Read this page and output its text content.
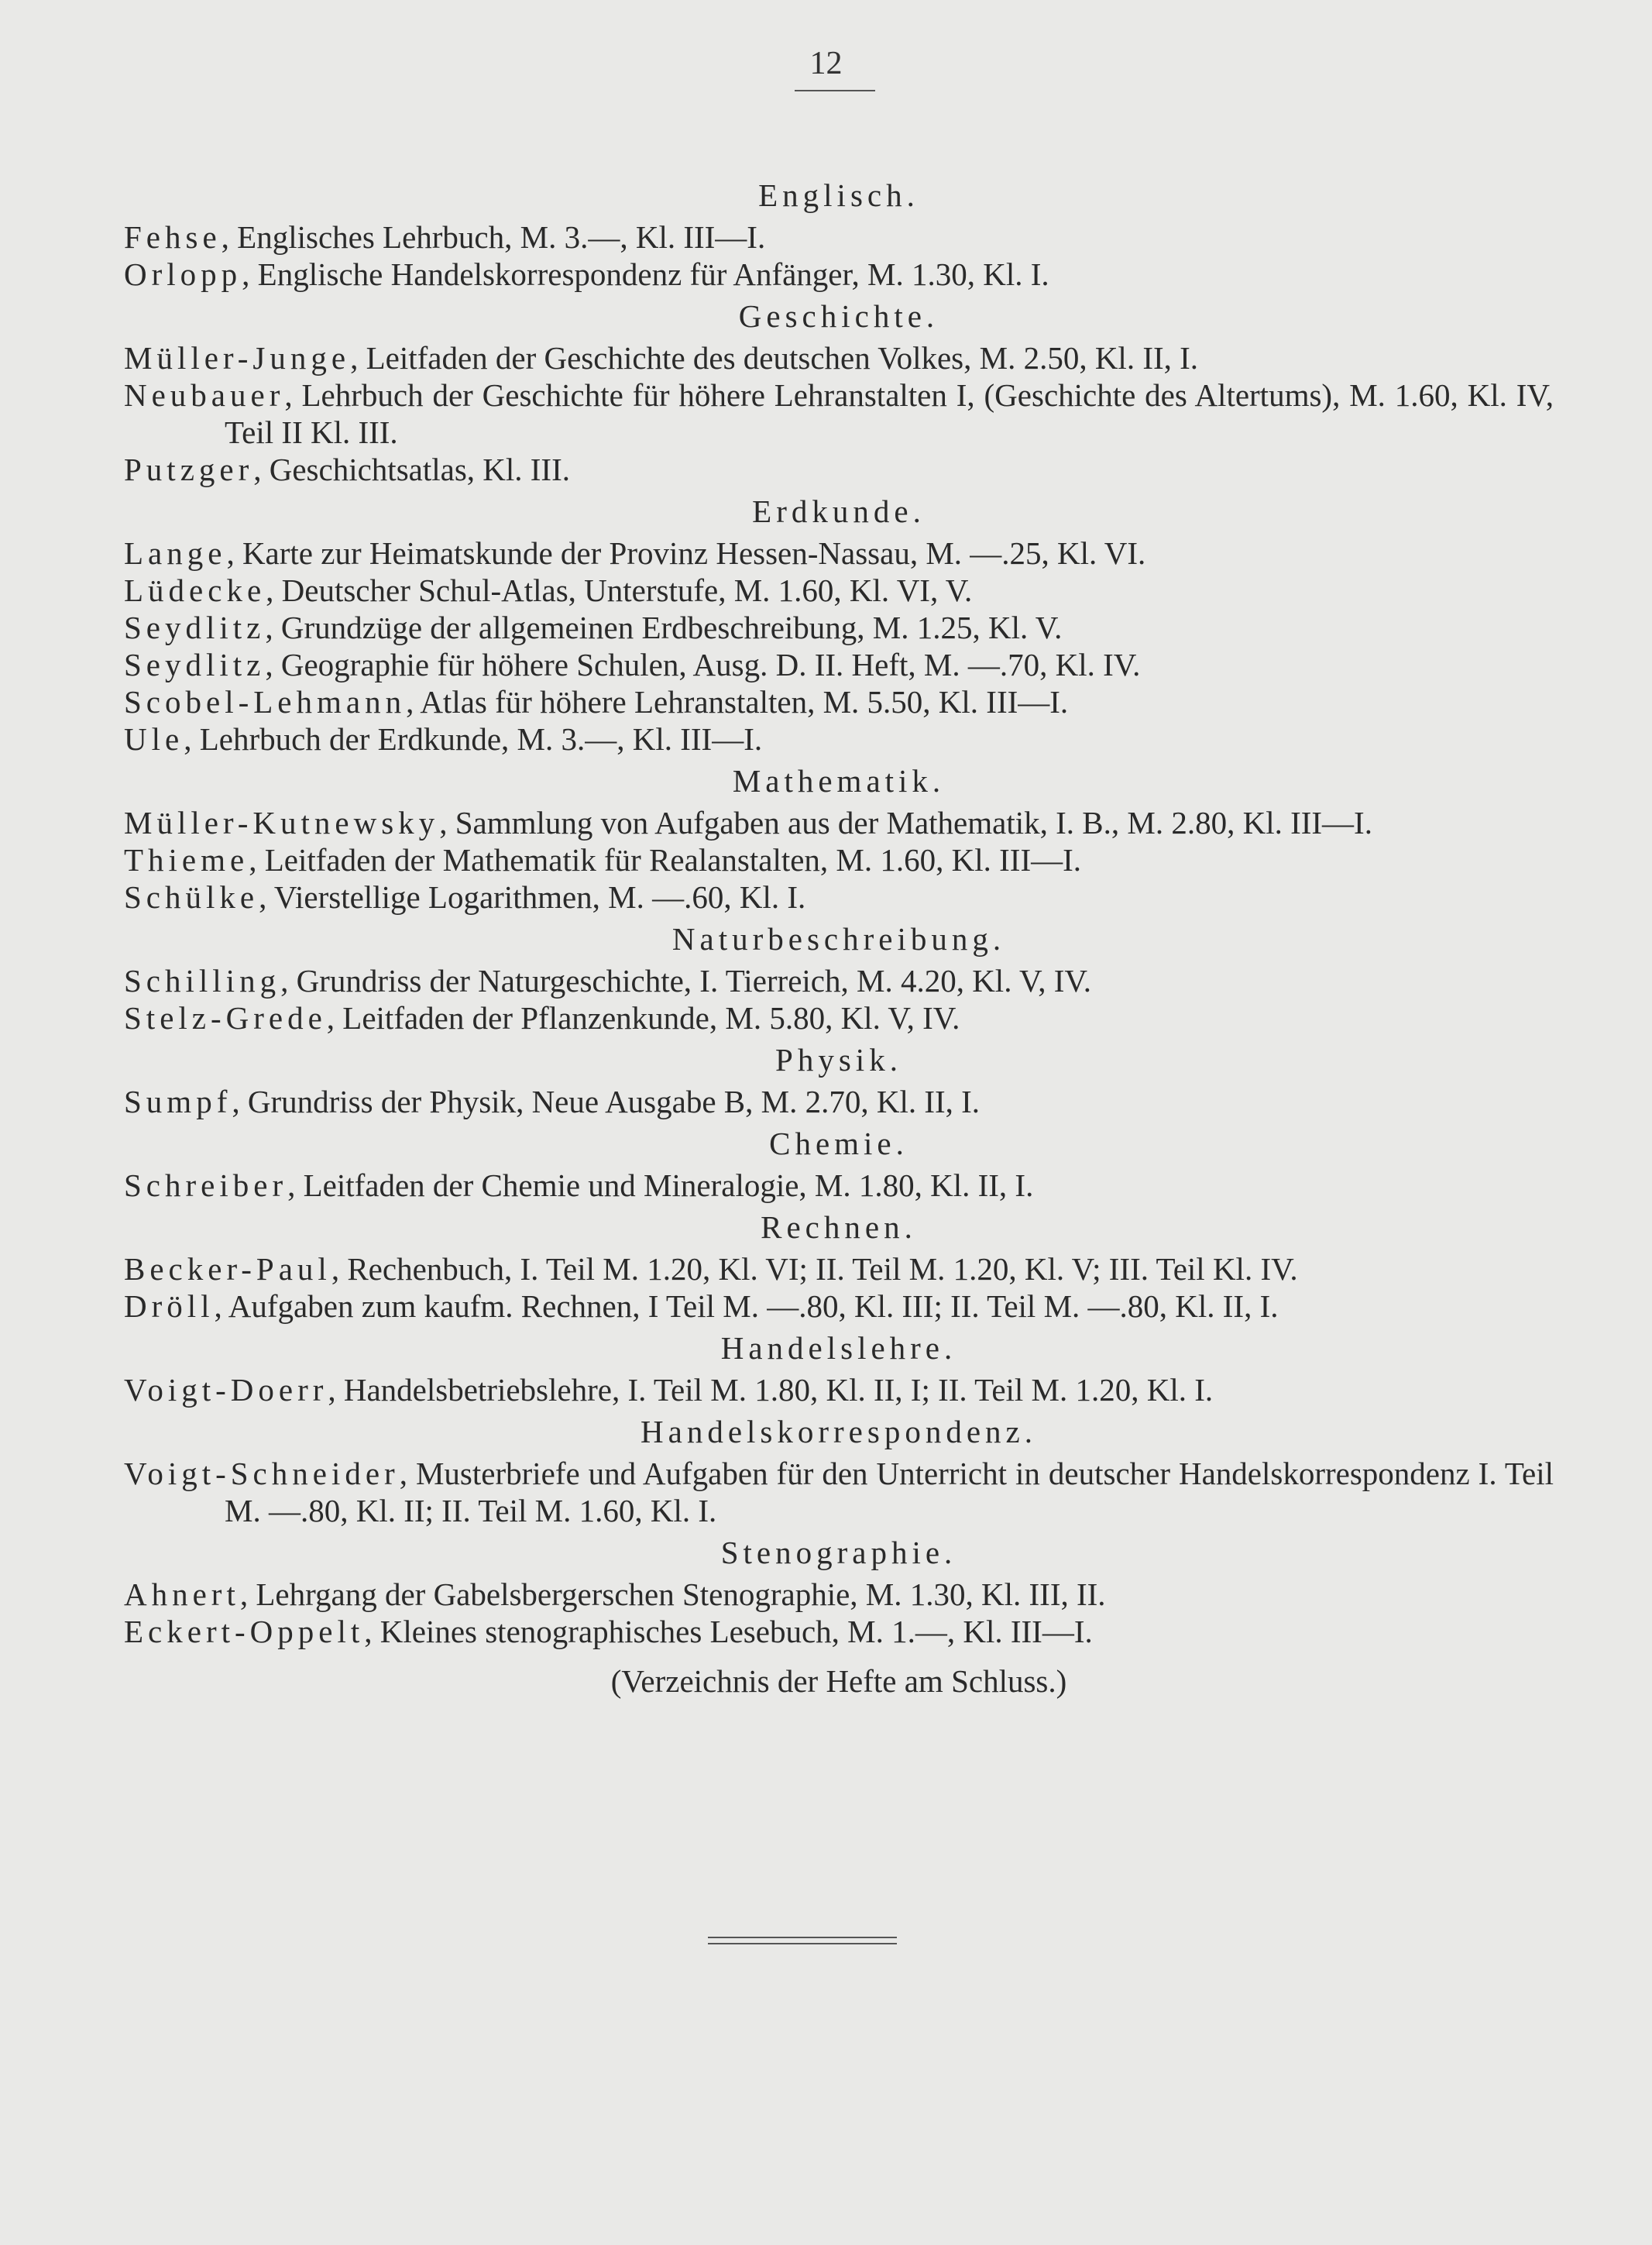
12
Englisch.
Fehse, Englisches Lehrbuch, M. 3.—, Kl. III—I.
Orlopp, Englische Handelskorrespondenz für Anfänger, M. 1.30, Kl. I.
Geschichte.
Müller-Junge, Leitfaden der Geschichte des deutschen Volkes, M. 2.50, Kl. II, I.
Neubauer, Lehrbuch der Geschichte für höhere Lehranstalten I, (Geschichte des Altertums), M. 1.60, Kl. IV, Teil II Kl. III.
Putzger, Geschichtsatlas, Kl. III.
Erdkunde.
Lange, Karte zur Heimatskunde der Provinz Hessen-Nassau, M. —.25, Kl. VI.
Lüdecke, Deutscher Schul-Atlas, Unterstufe, M. 1.60, Kl. VI, V.
Seydlitz, Grundzüge der allgemeinen Erdbeschreibung, M. 1.25, Kl. V.
Seydlitz, Geographie für höhere Schulen, Ausg. D. II. Heft, M. —.70, Kl. IV.
Scobel-Lehmann, Atlas für höhere Lehranstalten, M. 5.50, Kl. III—I.
Ule, Lehrbuch der Erdkunde, M. 3.—, Kl. III—I.
Mathematik.
Müller-Kutnewsky, Sammlung von Aufgaben aus der Mathematik, I. B., M. 2.80, Kl. III—I.
Thieme, Leitfaden der Mathematik für Realanstalten, M. 1.60, Kl. III—I.
Schülke, Vierstellige Logarithmen, M. —.60, Kl. I.
Naturbeschreibung.
Schilling, Grundriss der Naturgeschichte, I. Tierreich, M. 4.20, Kl. V, IV.
Stelz-Grede, Leitfaden der Pflanzenkunde, M. 5.80, Kl. V, IV.
Physik.
Sumpf, Grundriss der Physik, Neue Ausgabe B, M. 2.70, Kl. II, I.
Chemie.
Schreiber, Leitfaden der Chemie und Mineralogie, M. 1.80, Kl. II, I.
Rechnen.
Becker-Paul, Rechenbuch, I. Teil M. 1.20, Kl. VI; II. Teil M. 1.20, Kl. V; III. Teil Kl. IV.
Dröll, Aufgaben zum kaufm. Rechnen, I Teil M. —.80, Kl. III; II. Teil M. —.80, Kl. II, I.
Handelslehre.
Voigt-Doerr, Handelsbetriebslehre, I. Teil M. 1.80, Kl. II, I; II. Teil M. 1.20, Kl. I.
Handelskorrespondenz.
Voigt-Schneider, Musterbriefe und Aufgaben für den Unterricht in deutscher Handelskorrespondenz I. Teil M. —.80, Kl. II; II. Teil M. 1.60, Kl. I.
Stenographie.
Ahnert, Lehrgang der Gabelsbergerschen Stenographie, M. 1.30, Kl. III, II.
Eckert-Oppelt, Kleines stenographisches Lesebuch, M. 1.—, Kl. III—I.
(Verzeichnis der Hefte am Schluss.)
